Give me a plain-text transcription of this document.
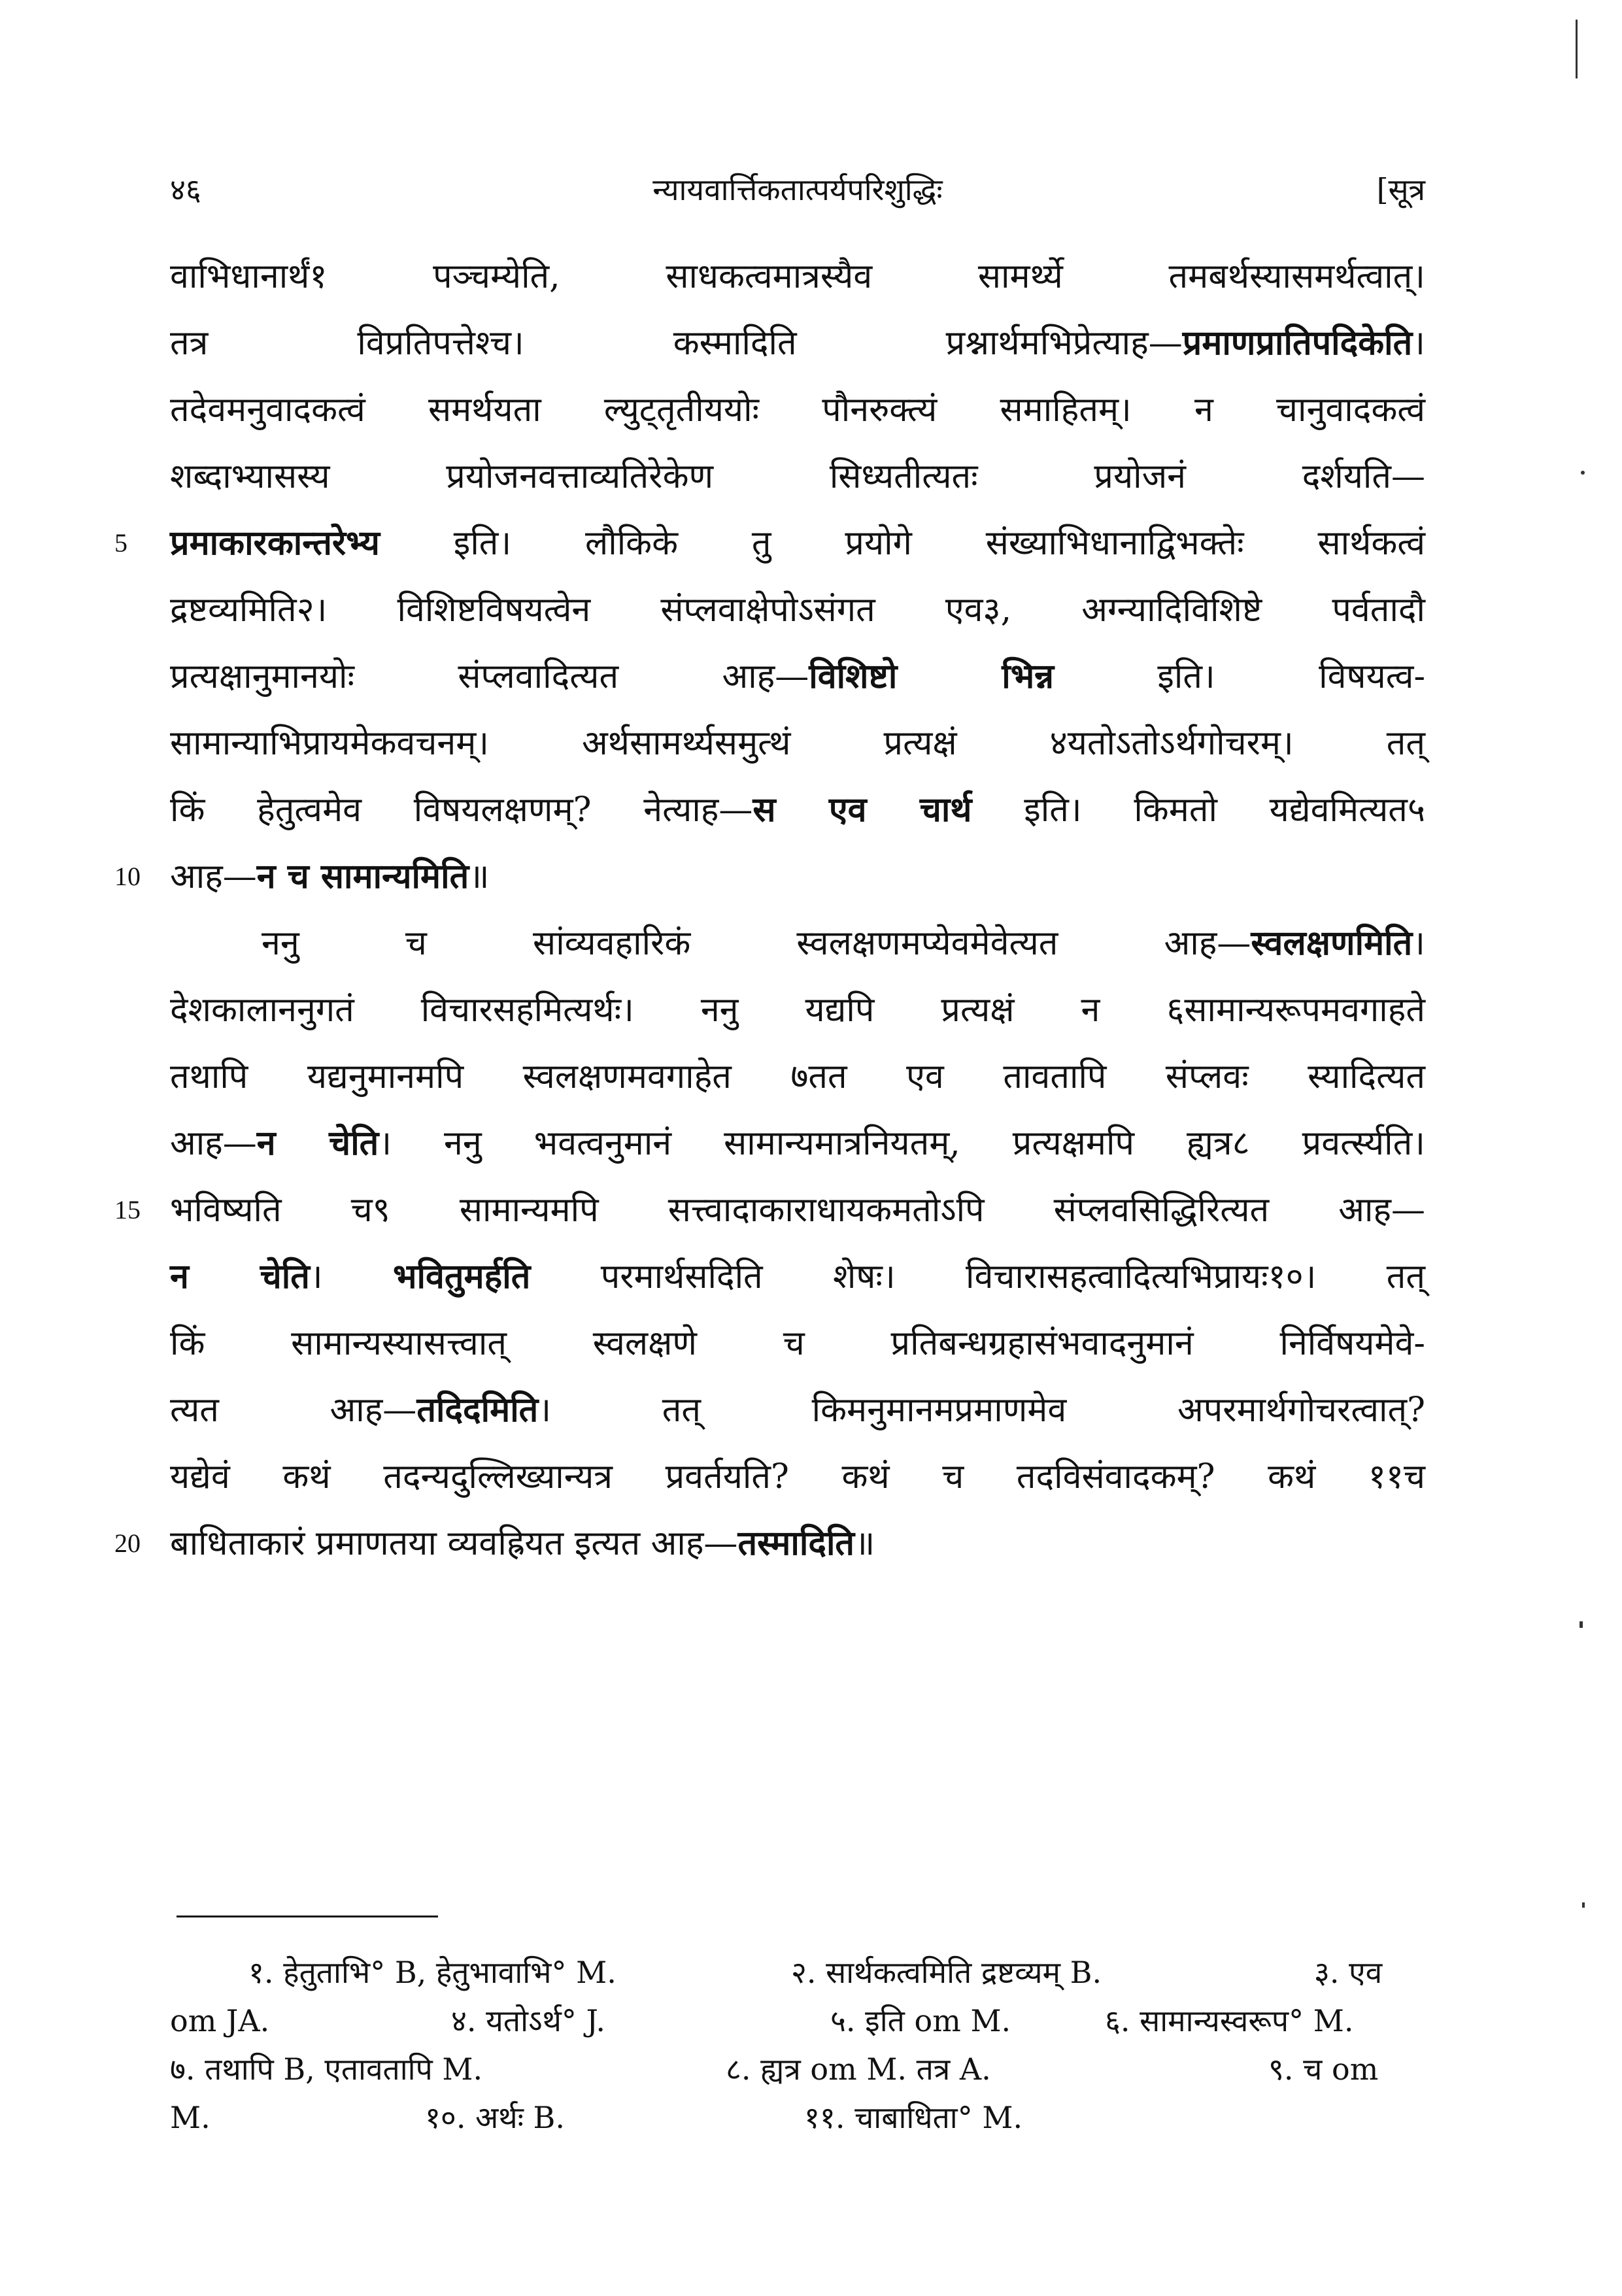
४६	न्यायवार्त्तिकतात्पर्यपरिशुद्धिः	[सूत्र
वाभिधानार्थं१ पञ्चम्येति, साधकत्वमात्रस्यैव सामर्थ्ये तमबर्थस्यासमर्थत्वात्।
तत्र विप्रतिपत्तेश्च। कस्मादिति प्रश्नार्थमभिप्रेत्याह—प्रमाणप्रातिपदिकेति।
तदेवमनुवादकत्वं समर्थयता ल्युट्तृतीययोः पौनरुक्त्यं समाहितम्। न चानुवादकत्वं
शब्दाभ्यासस्य प्रयोजनवत्ताव्यतिरेकेण सिध्यतीत्यतः प्रयोजनं दर्शयति—
5 प्रमाकारकान्तरेभ्य इति। लौकिके तु प्रयोगे संख्याभिधानाद्विभक्तेः सार्थकत्वं
द्रष्टव्यमिति२। विशिष्टविषयत्वेन संप्लवाक्षेपोऽसंगत एव३, अग्न्यादिविशिष्टे पर्वतादौ
प्रत्यक्षानुमानयोः संप्लवादित्यत आह—विशिष्टो भिन्न इति। विषयत्व-
सामान्याभिप्रायमेकवचनम्। अर्थसामर्थ्यसमुत्थं प्रत्यक्षं ४यतोऽतोऽर्थगोचरम्। तत्
किं हेतुत्वमेव विषयलक्षणम्? नेत्याह—स एव चार्थ इति। किमतो यद्येवमित्यत५
10 आह—न च सामान्यमिति॥
ननु च सांव्यवहारिकं स्वलक्षणमप्येवमेवेत्यत आह—स्वलक्षणमिति।
देशकालाननुगतं विचारसहमित्यर्थः। ननु यद्यपि प्रत्यक्षं न ६सामान्यरूपमवगाहते
तथापि यद्यनुमानमपि स्वलक्षणमवगाहेत ७तत एव तावतापि संप्लवः स्यादित्यत
आह—न चेति। ननु भवत्वनुमानं सामान्यमात्रनियतम्, प्रत्यक्षमपि ह्यत्र८ प्रवर्त्स्यति।
15 भविष्यति च९ सामान्यमपि सत्त्वादाकाराधायकमतोऽपि संप्लवसिद्धिरित्यत आह—
न चेति। भवितुमर्हति परमार्थसदिति शेषः। विचारासहत्वादित्यभिप्रायः१०। तत्
किं सामान्यस्यासत्त्वात् स्वलक्षणे च प्रतिबन्धग्रहासंभवादनुमानं निर्विषयमेवे-
त्यत आह—तदिदमिति। तत् किमनुमानमप्रमाणमेव अपरमार्थगोचरत्वात्?
यद्येवं कथं तदन्यदुल्लिख्यान्यत्र प्रवर्तयति? कथं च तदविसंवादकम्? कथं ११च
20 बाधिताकारं प्रमाणतया व्यवह्रियत इत्यत आह—तस्मादिति॥
१. हेतुताभि° B, हेतुभावाभि° M.	२. सार्थकत्वमिति द्रष्टव्यम् B.	३. एव
om JA.	४. यतोऽर्थ° J.	५. इति om M.	६. सामान्यस्वरूप° M.
७. तथापि B, एतावतापि M.	८. ह्यत्र om M. तत्र A.	९. च om
M.	१०. अर्थः B.	११. चाबाधिता° M.
